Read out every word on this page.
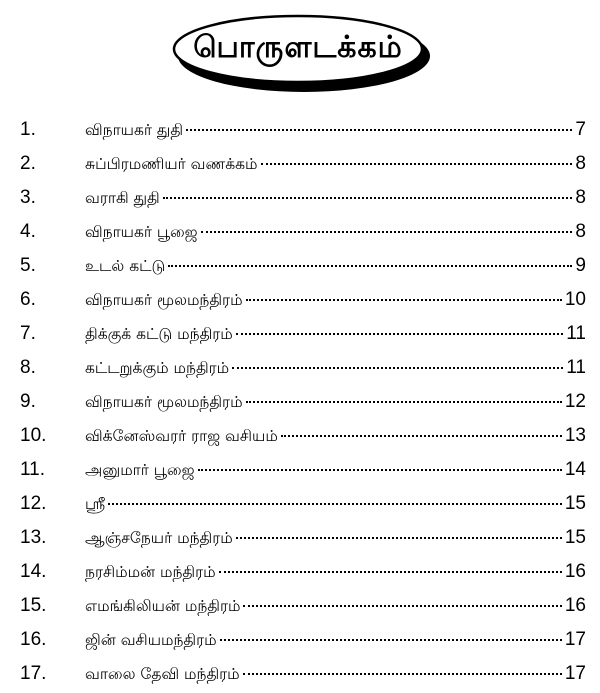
பொருளடக்கம்
1.	விநாயகர் துதி	7
2.	சுப்பிரமணியர் வணக்கம்	8
3.	வராகி துதி	8
4.	விநாயகர் பூஜை	8
5.	உடல் கட்டு	9
6.	விநாயகர் மூலமந்திரம்	10
7.	திக்குக் கட்டு மந்திரம்	11
8.	கட்டறுக்கும் மந்திரம்	11
9.	விநாயகர் மூலமந்திரம்	12
10. விக்னேஸ்வரர் ராஜ வசியம்	13
11.	அனுமார் பூஜை	14
12. ஸ்ரீ	15
13. ஆஞ்சநேயர் மந்திரம்	15
14. நரசிம்மன் மந்திரம்	16
15. எமங்கிலியன் மந்திரம்	16
16. ஜின் வசியமந்திரம்	17
17. வாலை தேவி மந்திரம்	17
